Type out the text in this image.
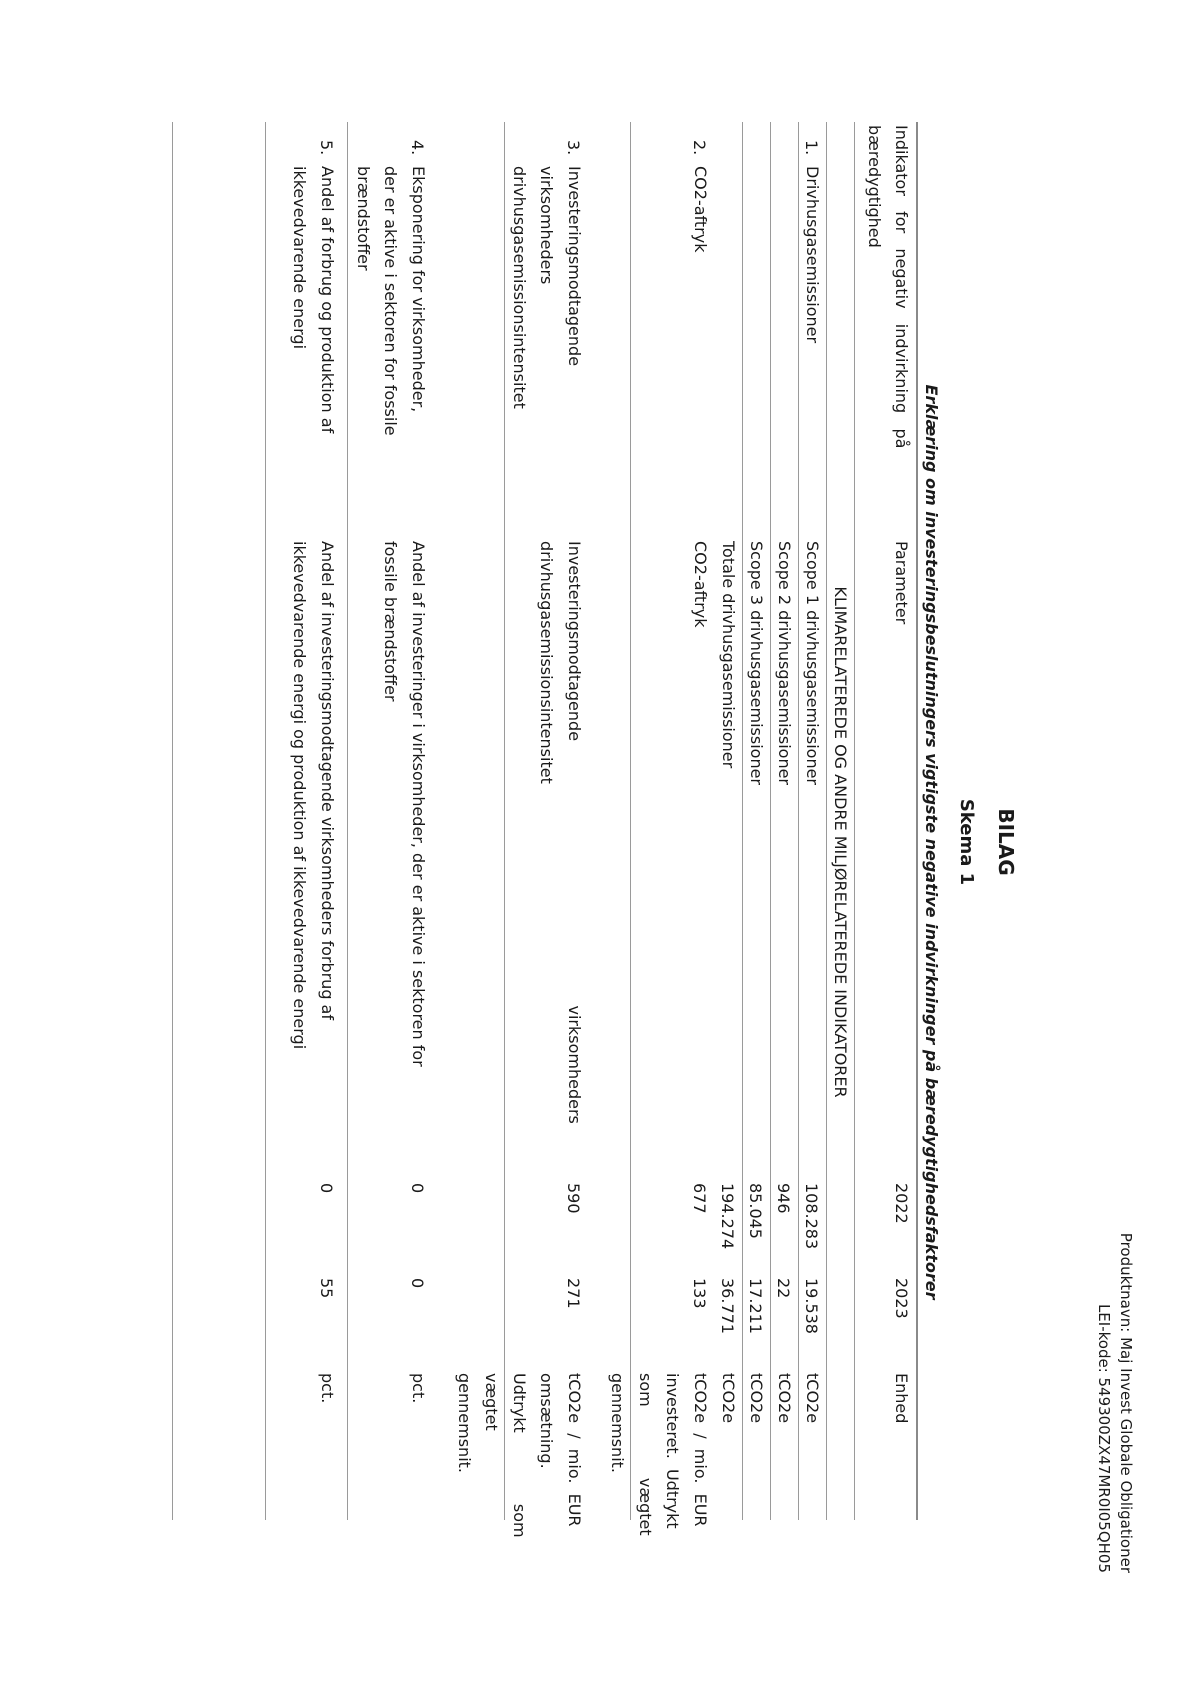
Produktnavn: Maj Invest Globale Obligationer
LEI-kode: 549300ZX47MR0I05QH05
BILAG
Skema 1
Erklæring om investeringsbeslutningers vigtigste negative indvirkninger på bæredygtighedsfaktorer
Indikator   for   negativ   indvirkning   på
bæredygtighed
Parameter
2022
2023
Enhed
KLIMARELATEREDE OG ANDRE MILJØRELATEREDE INDIKATORER
1.
Drivhusgasemissioner
Scope 1 drivhusgasemissioner
108.283
19.538
tCO2e
Scope 2 drivhusgasemissioner
946
22
tCO2e
Scope 3 drivhusgasemissioner
85.045
17.211
tCO2e
Totale drivhusgasemissioner
194.274
36.771
tCO2e
2.
CO2-aftryk
CO2-aftryk
677
133
tCO2e  /  mio.  EUR
investeret.  Udtrykt
som              vægtet
gennemsnit.
3.
Investeringsmodtagende
virksomheders
drivhusgasemissionsintensitet
Investeringsmodtagende                                                    virksomheders
drivhusgasemissionsintensitet
590
271
tCO2e  /  mio.  EUR
omsætning.
Udtrykt              som
vægtet
gennemsnit.
4.
Eksponering for virksomheder,
der er aktive i sektoren for fossile
brændstoffer
Andel af investeringer i virksomheder, der er aktive i sektoren for
fossile brændstoffer
0
0
pct.
5.
Andel af forbrug og produktion af
ikkevedvarende energi
Andel af investeringsmodtagende virksomheders forbrug af
ikkevedvarende energi og produktion af ikkevedvarende energi
0
55
pct.
